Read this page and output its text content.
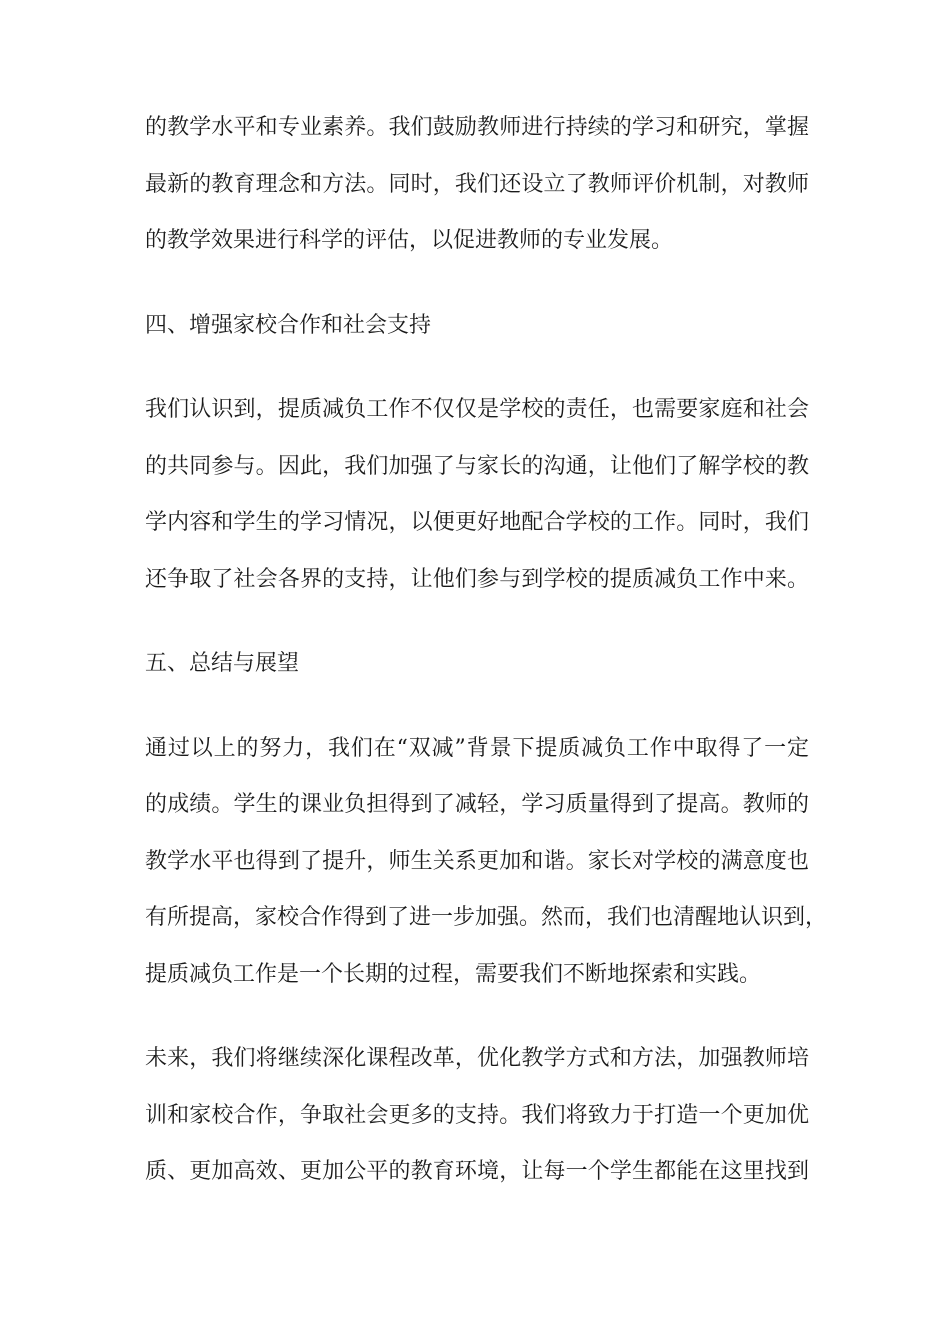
的教学水平和专业素养。我们鼓励教师进行持续的学习和研究，掌握
最新的教育理念和方法。同时，我们还设立了教师评价机制，对教师
的教学效果进行科学的评估，以促进教师的专业发展。
四、增强家校合作和社会支持
我们认识到，提质减负工作不仅仅是学校的责任，也需要家庭和社会
的共同参与。因此，我们加强了与家长的沟通，让他们了解学校的教
学内容和学生的学习情况，以便更好地配合学校的工作。同时，我们
还争取了社会各界的支持，让他们参与到学校的提质减负工作中来。
五、总结与展望
通过以上的努力，我们在“双减”背景下提质减负工作中取得了一定
的成绩。学生的课业负担得到了减轻，学习质量得到了提高。教师的
教学水平也得到了提升，师生关系更加和谐。家长对学校的满意度也
有所提高，家校合作得到了进一步加强。然而，我们也清醒地认识到，
提质减负工作是一个长期的过程，需要我们不断地探索和实践。
未来，我们将继续深化课程改革，优化教学方式和方法，加强教师培
训和家校合作，争取社会更多的支持。我们将致力于打造一个更加优
质、更加高效、更加公平的教育环境，让每一个学生都能在这里找到
